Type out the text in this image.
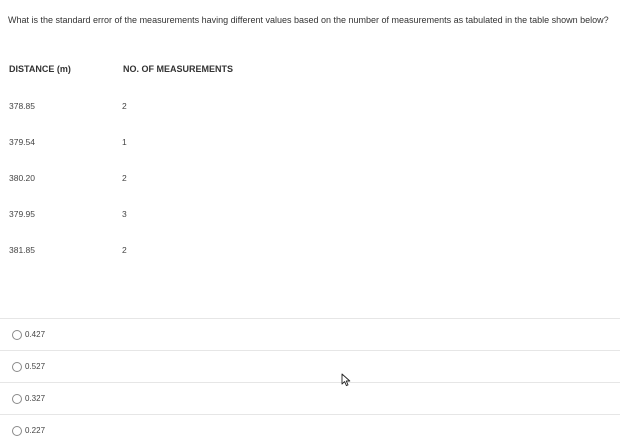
What is the standard error of the measurements having different values based on the number of measurements as tabulated in the table shown below?
DISTANCE (m)	NO. OF MEASUREMENTS
378.85	2
379.54	1
380.20	2
379.95	3
381.85	2
0.427
0.527
0.327
0.227
